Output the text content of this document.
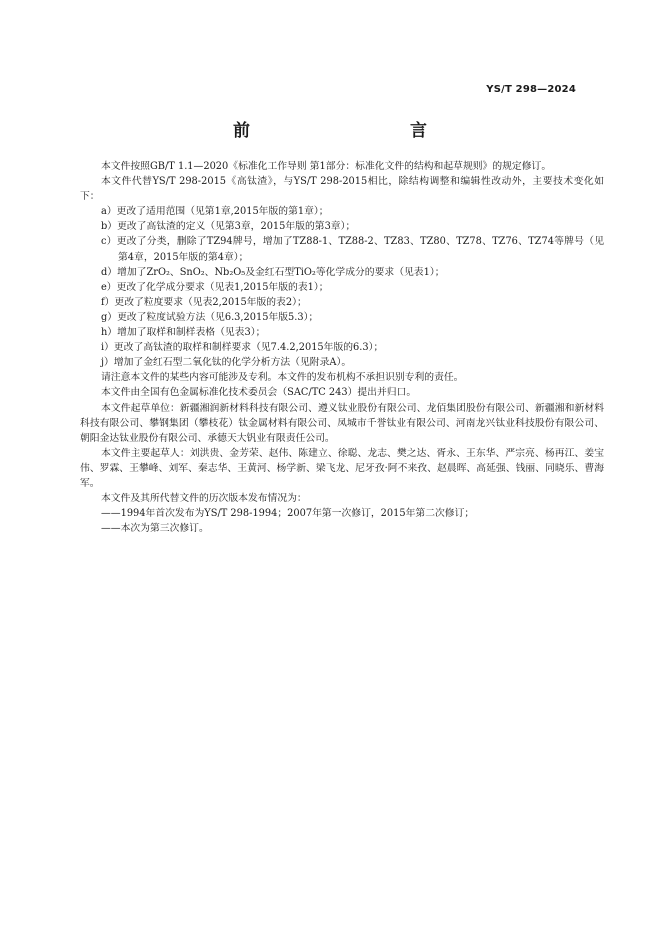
YS/T 298—2024
前　　言

本文件按照GB/T 1.1—2020《标准化工作导则 第1部分：标准化文件的结构和起草规则》的规定修订。

本文件代替YS/T 298-2015《高钛渣》，与YS/T 298-2015相比，除结构调整和编辑性改动外，主要技术变化如下：

a）更改了适用范围（见第1章,2015年版的第1章）；

b）更改了高钛渣的定义（见第3章，2015年版的第3章）；

c）更改了分类，删除了TZ94牌号，增加了TZ88-1、TZ88-2、TZ83、TZ80、TZ78、TZ76、TZ74等牌号（见第4章，2015年版的第4章）；

d）增加了ZrO₂、SnO₂、Nb₂O₅及金红石型TiO₂等化学成分的要求（见表1）；

e）更改了化学成分要求（见表1,2015年版的表1）；

f）更改了粒度要求（见表2,2015年版的表2）；

g）更改了粒度试验方法（见6.3,2015年版5.3）；

h）增加了取样和制样表格（见表3）；

i）更改了高钛渣的取样和制样要求（见7.4.2,2015年版的6.3）；

j）增加了金红石型二氧化钛的化学分析方法（见附录A）。

请注意本文件的某些内容可能涉及专利。本文件的发布机构不承担识别专利的责任。

本文件由全国有色金属标准化技术委员会（SAC/TC 243）提出并归口。

本文件起草单位：新疆湘润新材料科技有限公司、遵义钛业股份有限公司、龙佰集团股份有限公司、新疆湘和新材料科技有限公司、攀钢集团（攀枝花）钛金属材料有限公司、凤城市千誉钛业有限公司、河南龙兴钛业科技股份有限公司、朝阳金达钛业股份有限公司、承德天大钒业有限责任公司。

本文件主要起草人：刘洪贵、金芳荣、赵伟、陈建立、徐聪、龙志、樊之达、胥永、王东华、严宗亮、杨再江、姜宝伟、罗霖、王攀峰、刘军、秦志华、王黄河、杨学新、梁飞龙、尼牙孜·阿不来孜、赵晨晖、高延强、钱丽、同晓乐、曹海军。

本文件及其所代替文件的历次版本发布情况为：

——1994年首次发布为YS/T 298-1994；2007年第一次修订，2015年第二次修订；

——本次为第三次修订。
